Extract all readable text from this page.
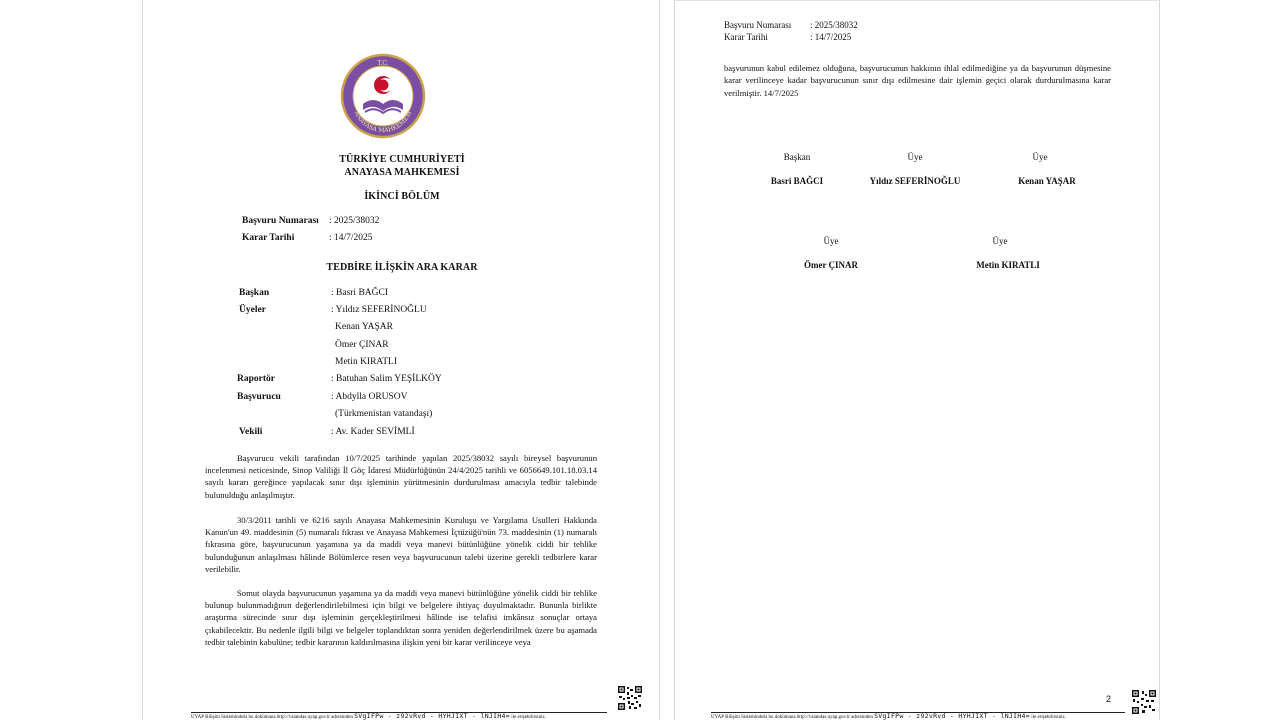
T.C.
ANAYASA MAHKEMESİ
TÜRKİYE CUMHURİYETİ
ANAYASA MAHKEMESİ
İKİNCİ BÖLÜM
Başvuru Numarası : 2025/38032
Karar Tarihi	: 14/7/2025
TEDBİRE İLİŞKİN ARA KARAR
Başkan	: Basri BAĞCI
Üyeler	: Yıldız SEFERİNOĞLU
Kenan YAŞAR
Ömer ÇINAR
Metin KIRATLI
Raportör	: Batuhan Salim YEŞİLKÖY
Başvurucu	: Abdylla ORUSOV
(Türkmenistan vatandaşı)
Vekili	: Av. Kader SEVİMLİ
Başvurucu vekili tarafından 10/7/2025 tarihinde yapılan 2025/38032 sayılı bireysel başvurunun incelenmesi neticesinde, Sinop Valiliği İl Göç İdaresi Müdürlüğünün 24/4/2025 tarihli ve 6056649.101.18.03.14 sayılı kararı gereğince yapılacak sınır dışı işleminin yürütmesinin durdurulması amacıyla tedbir talebinde bulunulduğu anlaşılmıştır.
30/3/2011 tarihli ve 6216 sayılı Anayasa Mahkemesinin Kuruluşu ve Yargılama Usulleri Hakkında Kanun'un 49. maddesinin (5) numaralı fıkrası ve Anayasa Mahkemesi İçtüzüğü'nün 73. maddesinin (1) numaralı fıkrasına göre, başvurucunun yaşamına ya da maddi veya manevi bütünlüğüne yönelik ciddi bir tehlike bulunduğunun anlaşılması hâlinde Bölümlerce resen veya başvurucunun talebi üzerine gerekli tedbirlere karar verilebilir.
Somut olayda başvurucunun yaşamına ya da maddi veya manevi bütünlüğüne yönelik ciddi bir tehlike bulunup bulunmadığının değerlendirilebilmesi için bilgi ve belgelere ihtiyaç duyulmaktadır. Bununla birlikte araştırma sürecinde sınır dışı işleminin gerçekleştirilmesi hâlinde ise telafisi imkânsız sonuçlar ortaya çıkabilecektir. Bu nedenle ilgili bilgi ve belgeler toplandıktan sonra yeniden değerlendirilmek üzere bu aşamada tedbir talebinin kabulüne; tedbir kararının kaldırılmasına ilişkin yeni bir karar verilinceye veya
UYAP Bilişim Sistemindeki bu dokümana http://vatandas.uyap.gov.tr adresinden SVgIFPw - z92vRvd - HYHJIXT - lNJIH4= ile erişebilirsiniz.
Başvuru Numarası : 2025/38032
Karar Tarihi	: 14/7/2025
başvurunun kabul edilemez olduğuna, başvurucunun hakkının ihlal edilmediğine ya da başvurunun düşmesine karar verilinceye kadar başvurucunun sınır dışı edilmesine dair işlemin geçici olarak durdurulmasına karar verilmiştir. 14/7/2025
Başkan
Basri BAĞCI
Üye
Yıldız SEFERİNOĞLU
Üye
Kenan YAŞAR
Üye
Ömer ÇINAR
Üye
Metin KIRATLI
2
UYAP Bilişim Sistemindeki bu dokümana http://vatandas.uyap.gov.tr adresinden SVgIFPw - z92vRvd - HYHJIXT - lNJIH4= ile erişebilirsiniz.
